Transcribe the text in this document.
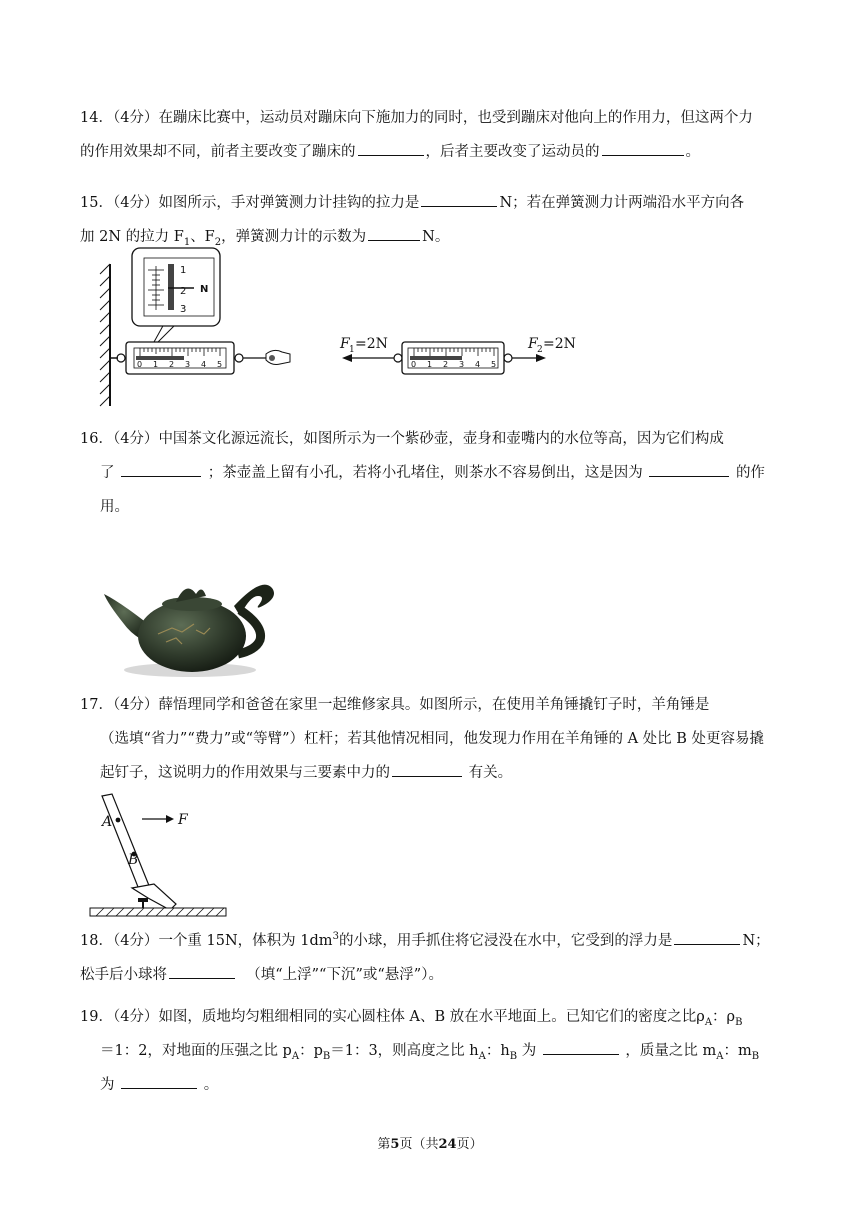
14．（4分）在蹦床比赛中，运动员对蹦床向下施加力的同时，也受到蹦床对他向上的作用力，但这两个力
的作用效果却不同，前者主要改变了蹦床的	，后者主要改变了运动员的	。
15．（4分）如图所示，手对弹簧测力计挂钩的拉力是	N；若在弹簧测力计两端沿水平方向各
加 2N 的拉力 $F_1$、$F_2$，弹簧测力计的示数为	N。
0 1 2 3 4 5
1
2
3
N
F 1 =2N	F 2 =2N
0 1 2 3 4 5
16．（4分）中国茶文化源远流长，如图所示为一个紫砂壶，壶身和壶嘴内的水位等高，因为它们构成
了	；茶壶盖上留有小孔，若将小孔堵住，则茶水不容易倒出，这是因为	的作
用。
17．（4分）薛悟理同学和爸爸在家里一起维修家具。如图所示，在使用羊角锤撬钉子时，羊角锤是
（选填“省力”“费力”或“等臂”）杠杆；若其他情况相同，他发现力作用在羊角锤的 A 处比 B 处更容易撬
起钉子，这说明力的作用效果与三要素中力的	有关。
A
B
F
18．（4分）一个重 15N，体积为 $1dm^3$的小球，用手抓住将它浸没在水中，它受到的浮力是	N；
松手后小球将	（填“上浮”“下沉”或“悬浮”）。
19．（4分）如图，质地均匀粗细相同的实心圆柱体 A、B 放在水平地面上。已知它们的密度之比$\rho_A$：$\rho_B$
＝1：2，对地面的压强之比 $p_A$：$p_B=1$：3，则高度之比 $h_A$：$h_B$ 为	，质量之比 $m_A$：$m_B$
为	。
第5页（共24页）
